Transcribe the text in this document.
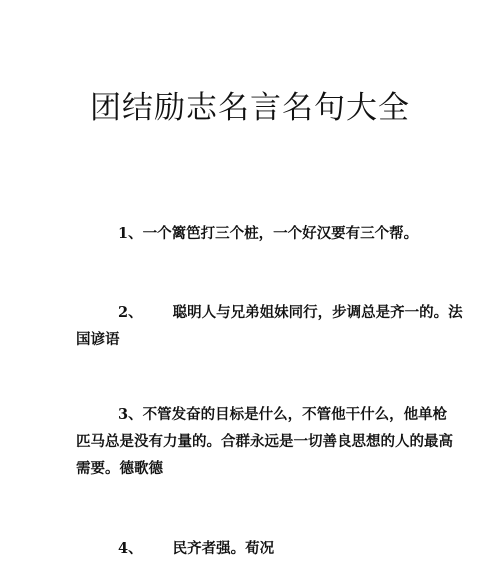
团结励志名言名句大全

1、一个篱笆打三个桩，一个好汉要有三个帮。

2、 聪明人与兄弟姐妹同行，步调总是齐一的。法
国谚语

3、不管发奋的目标是什么，不管他干什么，他单枪
匹马总是没有力量的。合群永远是一切善良思想的人的最高
需要。德歌德

4、 民齐者强。荀况
